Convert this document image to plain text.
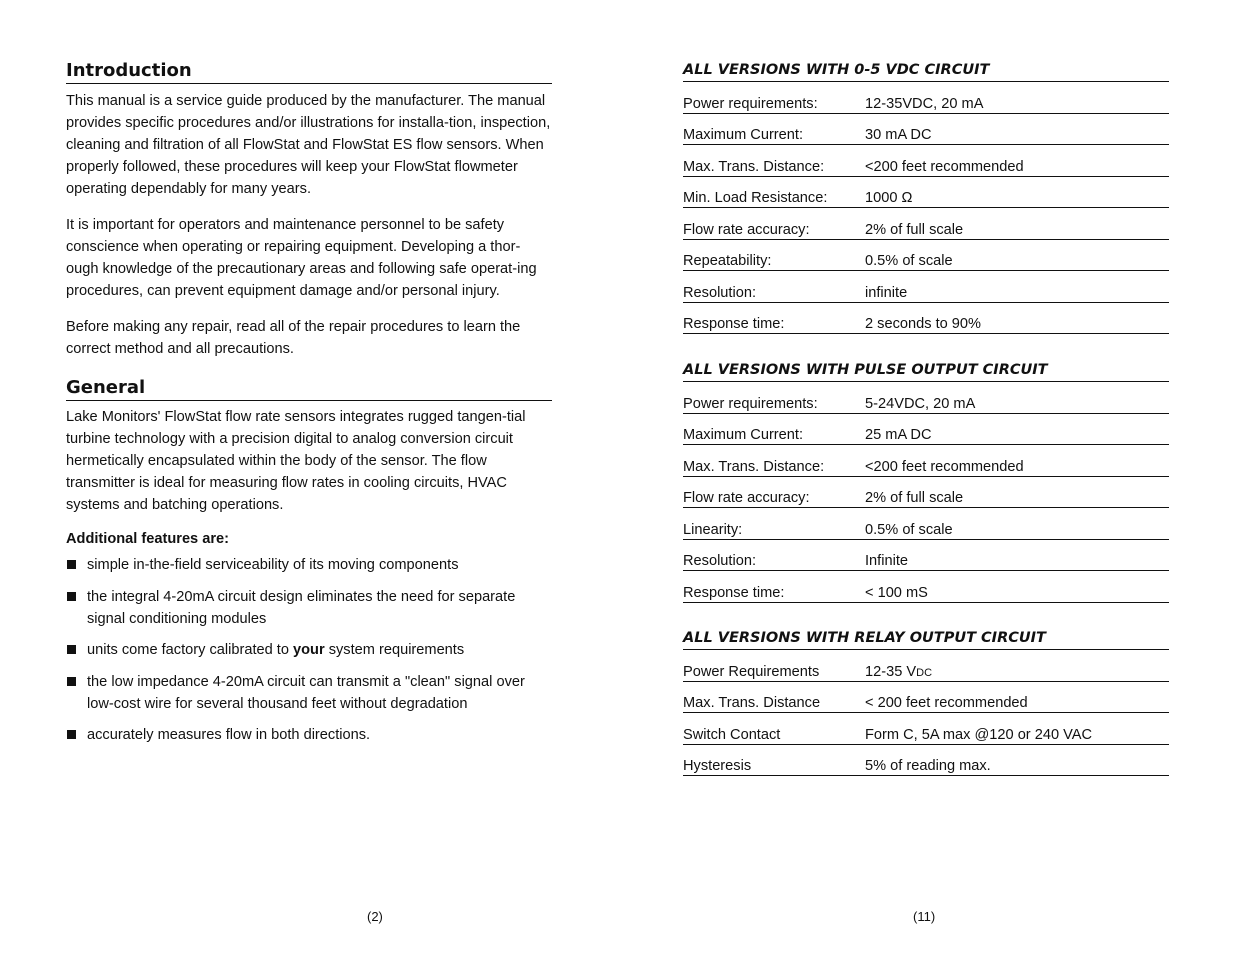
Introduction

This manual is a service guide produced by the manufacturer. The manual provides specific procedures and/or illustrations for installa-tion, inspection, cleaning and filtration of all FlowStat and FlowStat ES flow sensors. When properly followed, these procedures will keep your FlowStat flowmeter operating dependably for many years.

It is important for operators and maintenance personnel to be safety conscience when operating or repairing equipment. Developing a thor-ough knowledge of the precautionary areas and following safe operat-ing procedures, can prevent equipment damage and/or personal injury.

Before making any repair, read all of the repair procedures to learn the correct method and all precautions.

General

Lake Monitors' FlowStat flow rate sensors integrates rugged tangen-tial turbine technology with a precision digital to analog conversion circuit hermetically encapsulated within the body of the sensor. The flow transmitter is ideal for measuring flow rates in cooling circuits, HVAC systems and batching operations.

Additional features are:

simple in-the-field serviceability of its moving components
the integral 4-20mA circuit design eliminates the need for separate signal conditioning modules
units come factory calibrated to your system requirements
the low impedance 4-20mA circuit can transmit a "clean" signal over low-cost wire for several thousand feet without degradation
accurately measures flow in both directions.
(2)
ALL VERSIONS WITH 0-5 VDC CIRCUIT
Power requirements:	12-35VDC, 20 mA
Maximum Current:	30 mA DC
Max. Trans. Distance:	<200 feet recommended
Min. Load Resistance:	1000 Ω
Flow rate accuracy:	2% of full scale
Repeatability:	0.5% of scale
Resolution:	infinite
Response time:	2 seconds to 90%
ALL VERSIONS WITH PULSE OUTPUT CIRCUIT
Power requirements:	5-24VDC, 20 mA
Maximum Current:	25 mA DC
Max. Trans. Distance:	<200 feet recommended
Flow rate accuracy:	2% of full scale
Linearity:	0.5% of scale
Resolution:	Infinite
Response time:	< 100 mS
ALL VERSIONS WITH RELAY OUTPUT CIRCUIT
Power Requirements	12-35 VDC
Max. Trans. Distance	< 200 feet recommended
Switch Contact	Form C, 5A max @120 or 240 VAC
Hysteresis	5% of reading max.
(11)
